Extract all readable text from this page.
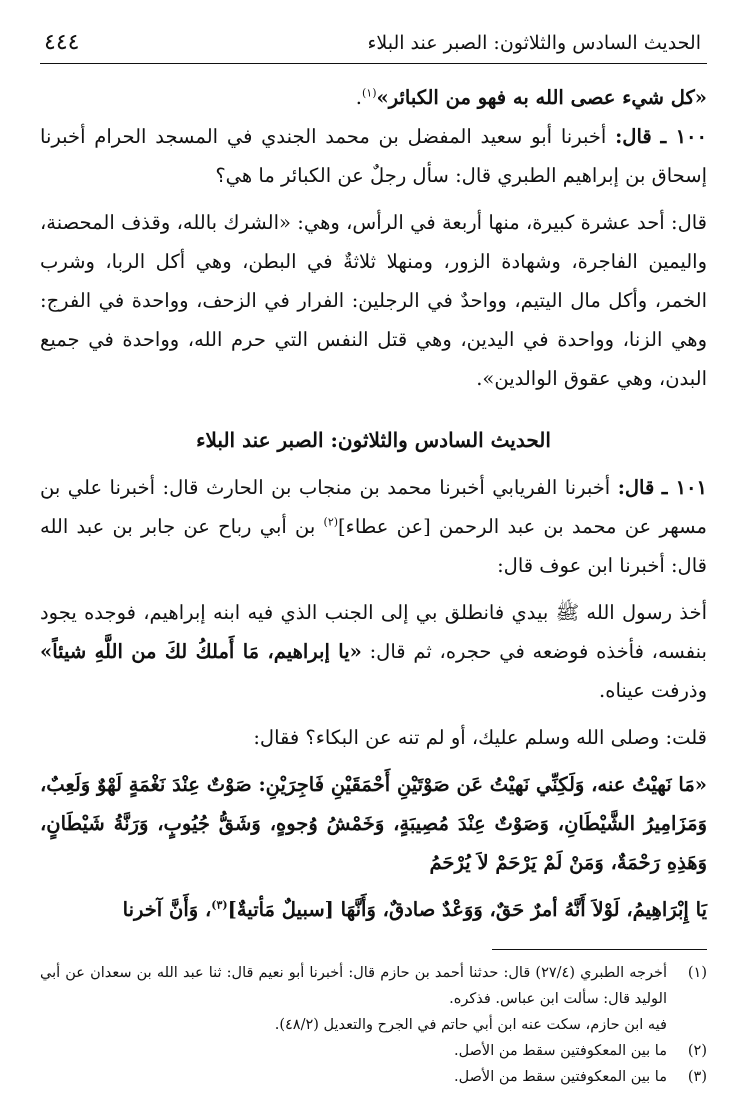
الحديث السادس والثلاثون: الصبر عند البلاء
٤٤٤

«كل شيء عصى الله به فهو من الكبائر»$^{(١)}$.

١٠٠ ـ قال: أخبرنا أبو سعيد المفضل بن محمد الجندي في المسجد الحرام أخبرنا إسحاق بن إبراهيم الطبري قال: سأل رجلٌ عن الكبائر ما هي؟

قال: أحد عشرة كبيرة، منها أربعة في الرأس، وهي: «الشرك بالله، وقذف المحصنة، واليمين الفاجرة، وشهادة الزور، ومنهلا ثلاثةٌ في البطن، وهي أكل الربا، وشرب الخمر، وأكل مال اليتيم، وواحدٌ في الرجلين: الفرار في الزحف، وواحدة في الفرج: وهي الزنا، وواحدة في اليدين، وهي قتل النفس التي حرم الله، وواحدة في جميع البدن، وهي عقوق الوالدين».

الحديث السادس والثلاثون: الصبر عند البلاء

١٠١ ـ قال: أخبرنا الفريابي أخبرنا محمد بن منجاب بن الحارث قال: أخبرنا علي بن مسهر عن محمد بن عبد الرحمن [عن عطاء]$^{(٢)}$ بن أبي رباح عن جابر بن عبد الله قال: أخبرنا ابن عوف قال:

أخذ رسول الله ﷺ بيدي فانطلق بي إلى الجنب الذي فيه ابنه إبراهيم، فوجده يجود بنفسه، فأخذه فوضعه في حجره، ثم قال: «يا إبراهيم، مَا أَملكُ لكَ من اللَّهِ شيئاً» وذرفت عيناه.

قلت: وصلى الله وسلم عليك، أو لم تنه عن البكاء؟ فقال:

«مَا نَهيْتُ عنه، وَلَكِنِّي نَهيْتُ عَن صَوْتَيْنِ أَحْمَقَيْنِ فَاجِرَيْنِ: صَوْتٌ عِنْدَ نَغْمَةٍ لَهْوٌ وَلَعِبٌ، وَمَزَامِيرُ الشَّيْطَانِ، وَصَوْتٌ عِنْدَ مُصِيبَةٍ، وَخَمْشُ وُجوهٍ، وَشَقُّ جُيُوبٍ، وَرَنَّةُ شَيْطَانٍ، وَهَذِهِ رَحْمَةٌ، وَمَنْ لَمْ يَرْحَمْ لاَ يُرْحَمُ

يَا إِبْرَاهِيمُ، لَوْلاَ أَنَّهُ أمرٌ حَقٌ، وَوَعْدٌ صادقٌ، وَأَنَّهَا [سبيلٌ مَأتيةٌ]$^{(٣)}$، وَأَنَّ آخرنا

(١)
أخرجه الطبري (٢٧/٤) قال: حدثنا أحمد بن حازم قال: أخبرنا أبو نعيم قال: ثنا عبد الله بن سعدان عن أبي الوليد قال: سألت ابن عباس. فذكره.
فيه ابن حازم، سكت عنه ابن أبي حاتم في الجرح والتعديل (٤٨/٢).
(٢)
ما بين المعكوفتين سقط من الأصل.
(٣)
ما بين المعكوفتين سقط من الأصل.
